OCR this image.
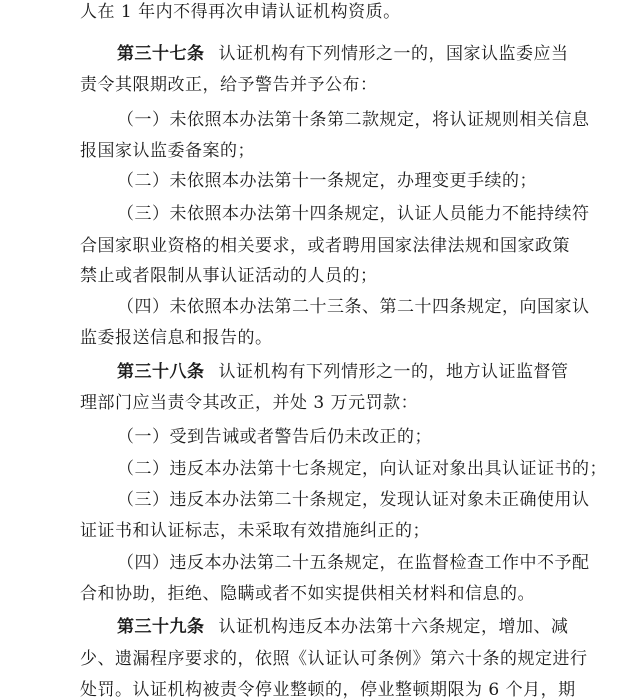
人在 1 年内不得再次申请认证机构资质。
第三十七条 认证机构有下列情形之一的，国家认监委应当
责令其限期改正，给予警告并予公布：
（一）未依照本办法第十条第二款规定，将认证规则相关信息
报国家认监委备案的；
（二）未依照本办法第十一条规定，办理变更手续的；
（三）未依照本办法第十四条规定，认证人员能力不能持续符
合国家职业资格的相关要求，或者聘用国家法律法规和国家政策
禁止或者限制从事认证活动的人员的；
（四）未依照本办法第二十三条、第二十四条规定，向国家认
监委报送信息和报告的。
第三十八条 认证机构有下列情形之一的，地方认证监督管
理部门应当责令其改正，并处 3 万元罚款：
（一）受到告诫或者警告后仍未改正的；
（二）违反本办法第十七条规定，向认证对象出具认证证书的；
（三）违反本办法第二十条规定，发现认证对象未正确使用认
证证书和认证标志，未采取有效措施纠正的；
（四）违反本办法第二十五条规定，在监督检查工作中不予配
合和协助，拒绝、隐瞒或者不如实提供相关材料和信息的。
第三十九条 认证机构违反本办法第十六条规定，增加、减
少、遗漏程序要求的，依照《认证认可条例》第六十条的规定进行
处罚。认证机构被责令停业整顿的，停业整顿期限为 6 个月，期
